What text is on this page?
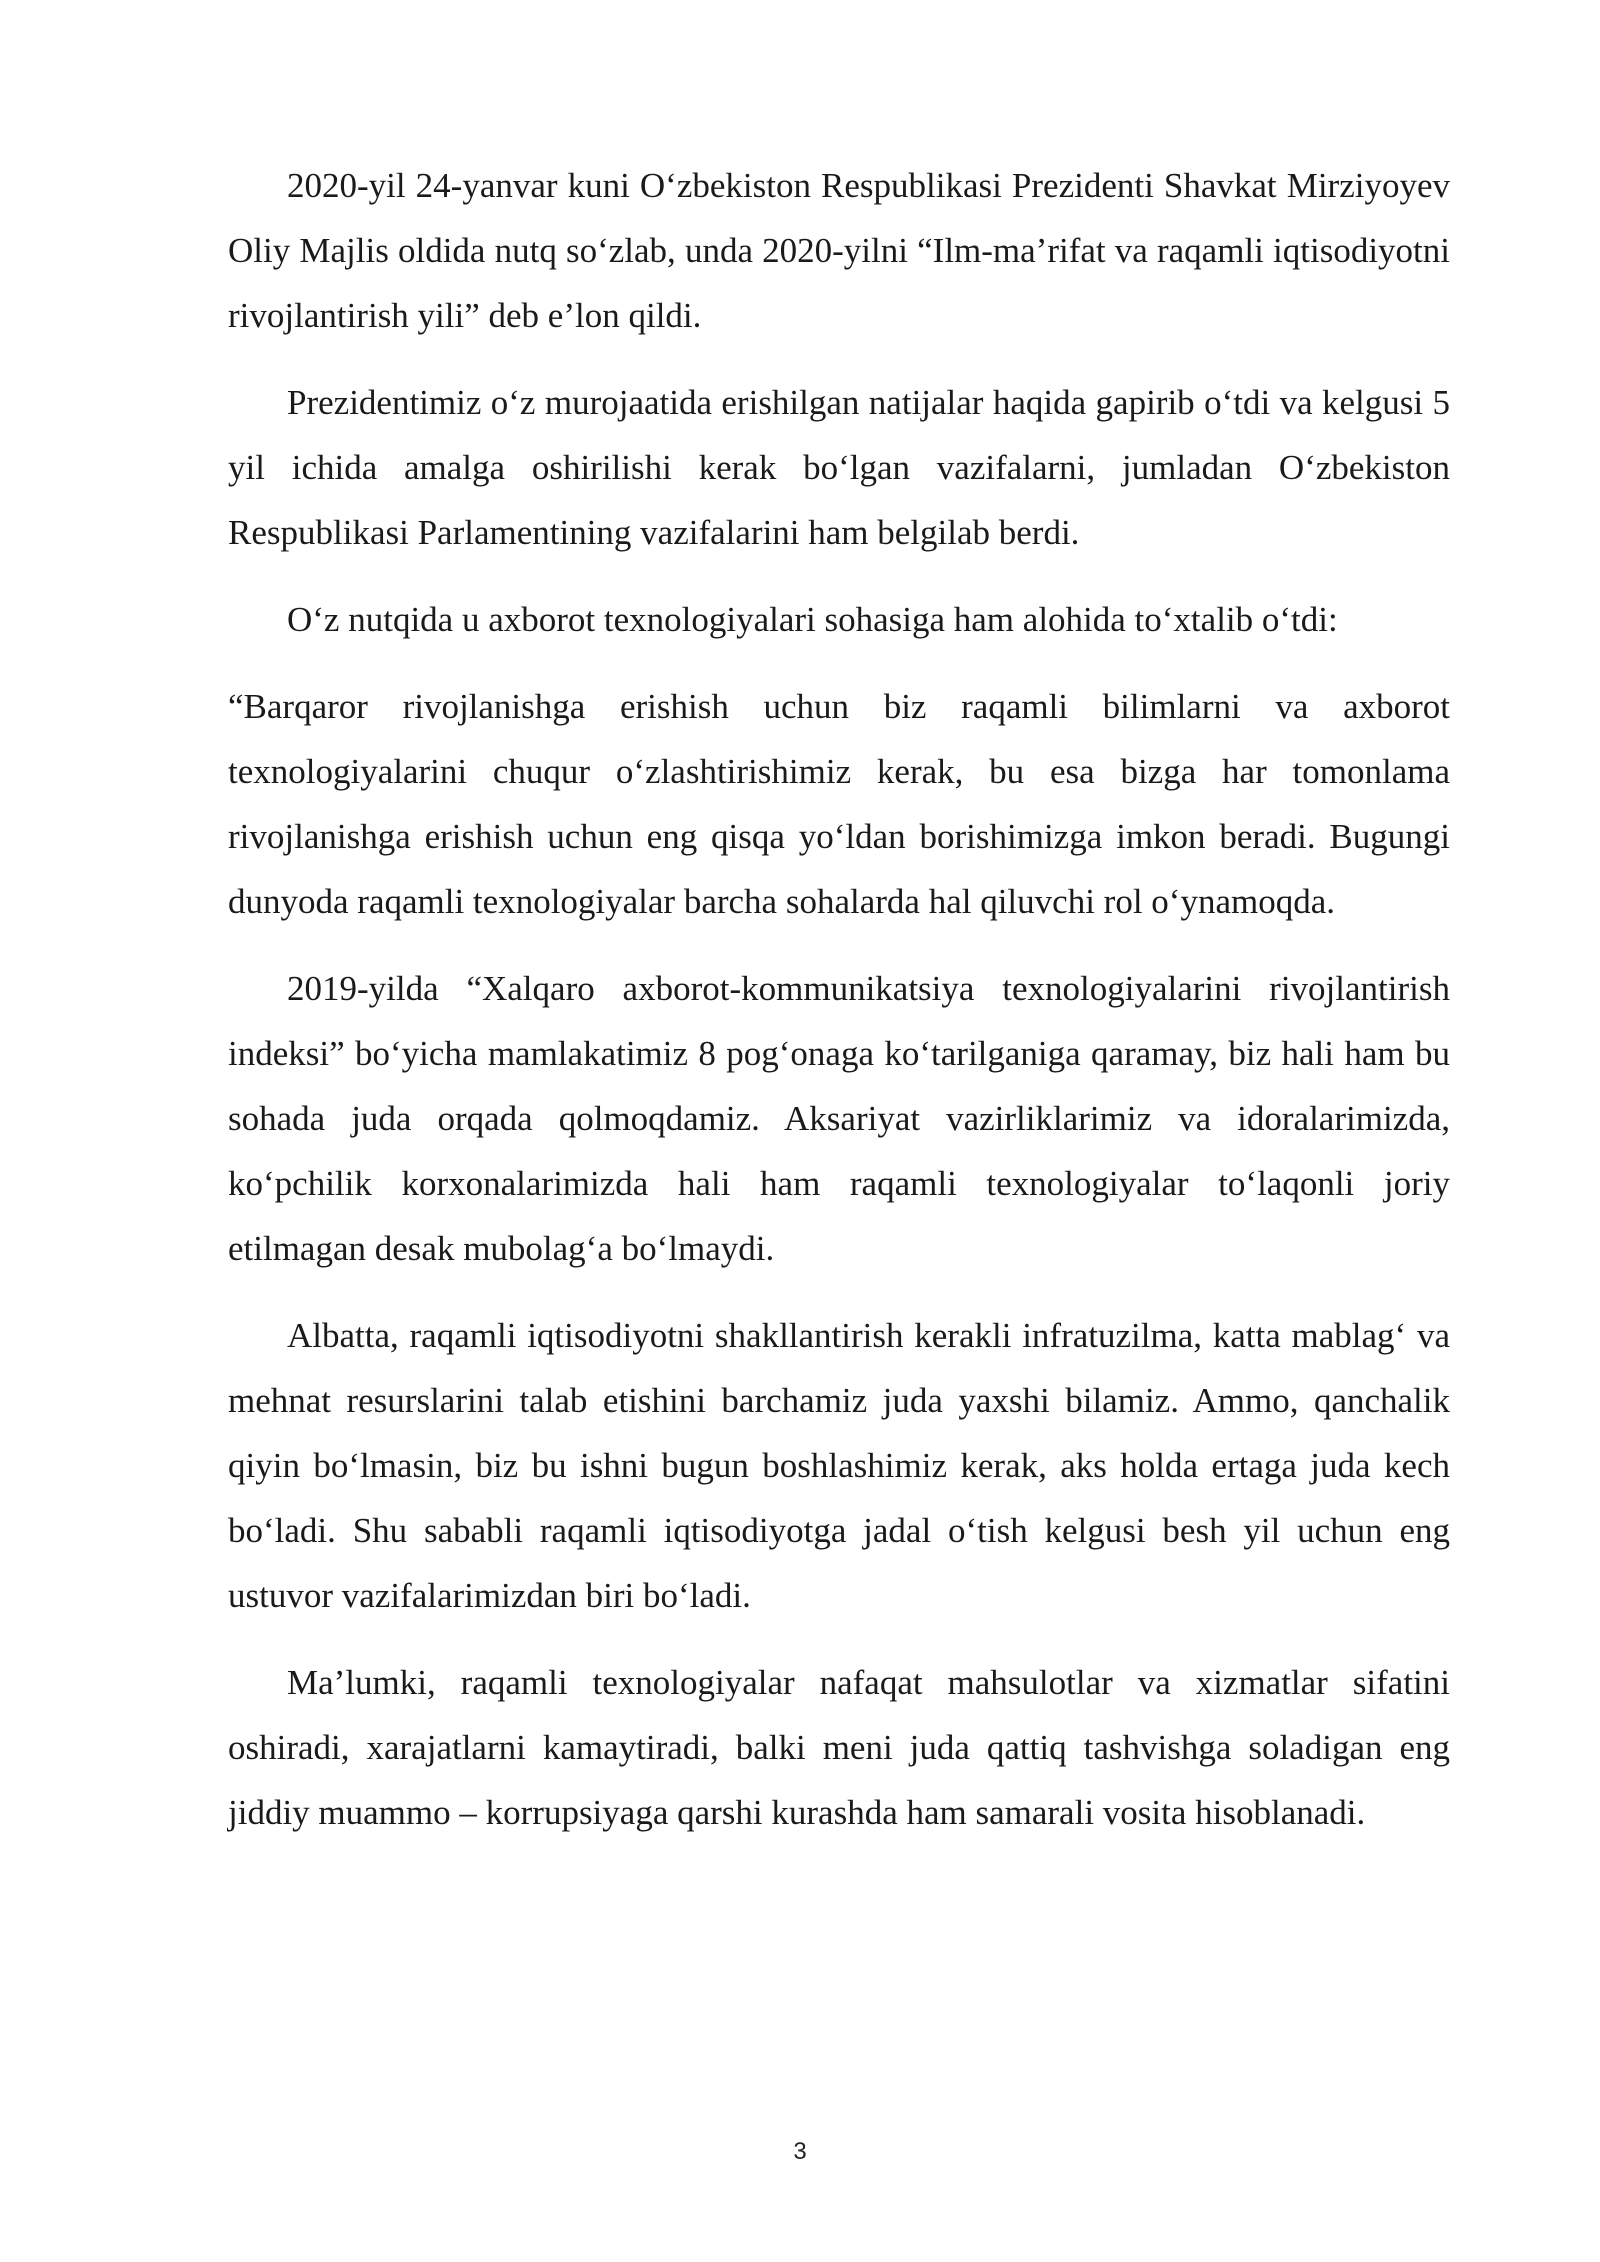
2020-yil 24-yanvar kuni O‘zbekiston Respublikasi Prezidenti Shavkat Mirziyoyev Oliy Majlis oldida nutq so‘zlab, unda 2020-yilni “Ilm-ma’rifat va raqamli iqtisodiyotni rivojlantirish yili” deb e’lon qildi.

Prezidentimiz o‘z murojaatida erishilgan natijalar haqida gapirib o‘tdi va kelgusi 5 yil ichida amalga oshirilishi kerak bo‘lgan vazifalarni, jumladan O‘zbekiston Respublikasi Parlamentining vazifalarini ham belgilab berdi.

O‘z nutqida u axborot texnologiyalari sohasiga ham alohida to‘xtalib o‘tdi:

“Barqaror rivojlanishga erishish uchun biz raqamli bilimlarni va axborot texnologiyalarini chuqur o‘zlashtirishimiz kerak, bu esa bizga har tomonlama rivojlanishga erishish uchun eng qisqa yo‘ldan borishimizga imkon beradi. Bugungi dunyoda raqamli texnologiyalar barcha sohalarda hal qiluvchi rol o‘ynamoqda.

2019-yilda “Xalqaro axborot-kommunikatsiya texnologiyalarini rivojlantirish indeksi” bo‘yicha mamlakatimiz 8 pog‘onaga ko‘tarilganiga qaramay, biz hali ham bu sohada juda orqada qolmoqdamiz. Aksariyat vazirliklarimiz va idoralarimizda, ko‘pchilik korxonalarimizda hali ham raqamli texnologiyalar to‘laqonli joriy etilmagan desak mubolag‘a bo‘lmaydi.

Albatta, raqamli iqtisodiyotni shakllantirish kerakli infratuzilma, katta mablag‘ va mehnat resurslarini talab etishini barchamiz juda yaxshi bilamiz. Ammo, qanchalik qiyin bo‘lmasin, biz bu ishni bugun boshlashimiz kerak, aks holda ertaga juda kech bo‘ladi. Shu sababli raqamli iqtisodiyotga jadal o‘tish kelgusi besh yil uchun eng ustuvor vazifalarimizdan biri bo‘ladi.

Ma’lumki, raqamli texnologiyalar nafaqat mahsulotlar va xizmatlar sifatini oshiradi, xarajatlarni kamaytiradi, balki meni juda qattiq tashvishga soladigan eng jiddiy muammo – korrupsiyaga qarshi kurashda ham samarali vosita hisoblanadi.

3
